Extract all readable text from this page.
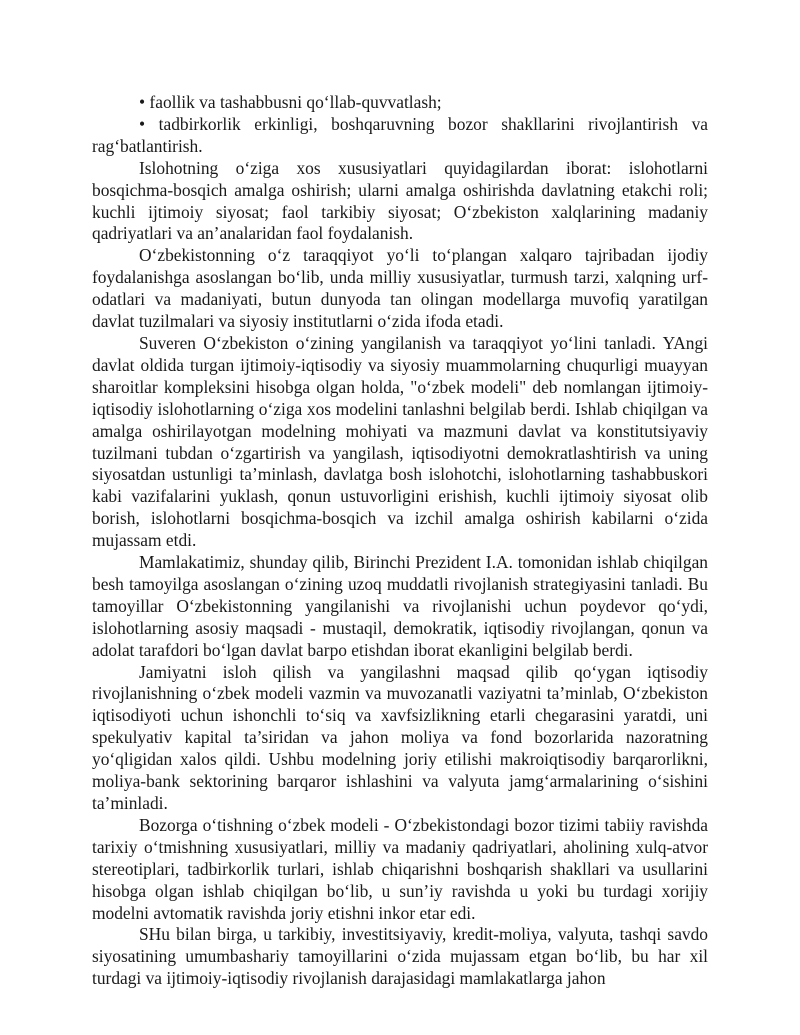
• faollik va tashabbusni qo‘llab-quvvatlash;

• tadbirkorlik erkinligi, boshqaruvning bozor shakllarini rivojlantirish va rag‘batlantirish.

Islohotning o‘ziga xos xususiyatlari quyidagilardan iborat: islohotlarni bosqichma-bosqich amalga oshirish; ularni amalga oshirishda davlatning etakchi roli; kuchli ijtimoiy siyosat; faol tarkibiy siyosat; O‘zbekiston xalqlarining madaniy qadriyatlari va an’analaridan faol foydalanish.

O‘zbekistonning o‘z taraqqiyot yo‘li to‘plangan xalqaro tajribadan ijodiy foydalanishga asoslangan bo‘lib, unda milliy xususiyatlar, turmush tarzi, xalqning urf-odatlari va madaniyati, butun dunyoda tan olingan modellarga muvofiq yaratilgan davlat tuzilmalari va siyosiy institutlarni o‘zida ifoda etadi.

Suveren O‘zbekiston o‘zining yangilanish va taraqqiyot yo‘lini tanladi. YAngi davlat oldida turgan ijtimoiy-iqtisodiy va siyosiy muammolarning chuqurligi muayyan sharoitlar kompleksini hisobga olgan holda, "o‘zbek modeli" deb nomlangan ijtimoiy-iqtisodiy islohotlarning o‘ziga xos modelini tanlashni belgilab berdi. Ishlab chiqilgan va amalga oshirilayotgan modelning mohiyati va mazmuni davlat va konstitutsiyaviy tuzilmani tubdan o‘zgartirish va yangilash, iqtisodiyotni demokratlashtirish va uning siyosatdan ustunligi ta’minlash, davlatga bosh islohotchi, islohotlarning tashabbuskori kabi vazifalarini yuklash, qonun ustuvorligini erishish, kuchli ijtimoiy siyosat olib borish, islohotlarni bosqichma-bosqich va izchil amalga oshirish kabilarni o‘zida mujassam etdi.

Mamlakatimiz, shunday qilib, Birinchi Prezident I.A. tomonidan ishlab chiqilgan besh tamoyilga asoslangan o‘zining uzoq muddatli rivojlanish strategiyasini tanladi. Bu tamoyillar O‘zbekistonning yangilanishi va rivojlanishi uchun poydevor qo‘ydi, islohotlarning asosiy maqsadi - mustaqil, demokratik, iqtisodiy rivojlangan, qonun va adolat tarafdori bo‘lgan davlat barpo etishdan iborat ekanligini belgilab berdi.

Jamiyatni isloh qilish va yangilashni maqsad qilib qo‘ygan iqtisodiy rivojlanishning o‘zbek modeli vazmin va muvozanatli vaziyatni ta’minlab, O‘zbekiston iqtisodiyoti uchun ishonchli to‘siq va xavfsizlikning etarli chegarasini yaratdi, uni spekulyativ kapital ta’siridan va jahon moliya va fond bozorlarida nazoratning yo‘qligidan xalos qildi. Ushbu modelning joriy etilishi makroiqtisodiy barqarorlikni, moliya-bank sektorining barqaror ishlashini va valyuta jamg‘armalarining o‘sishini ta’minladi.

Bozorga o‘tishning o‘zbek modeli - O‘zbekistondagi bozor tizimi tabiiy ravishda tarixiy o‘tmishning xususiyatlari, milliy va madaniy qadriyatlari, aholining xulq-atvor stereotiplari, tadbirkorlik turlari, ishlab chiqarishni boshqarish shakllari va usullarini hisobga olgan ishlab chiqilgan bo‘lib, u sun’iy ravishda u yoki bu turdagi xorijiy modelni avtomatik ravishda joriy etishni inkor etar edi.

SHu bilan birga, u tarkibiy, investitsiyaviy, kredit-moliya, valyuta, tashqi savdo siyosatining umumbashariy tamoyillarini o‘zida mujassam etgan bo‘lib, bu har xil turdagi va ijtimoiy-iqtisodiy rivojlanish darajasidagi mamlakatlarga jahon
